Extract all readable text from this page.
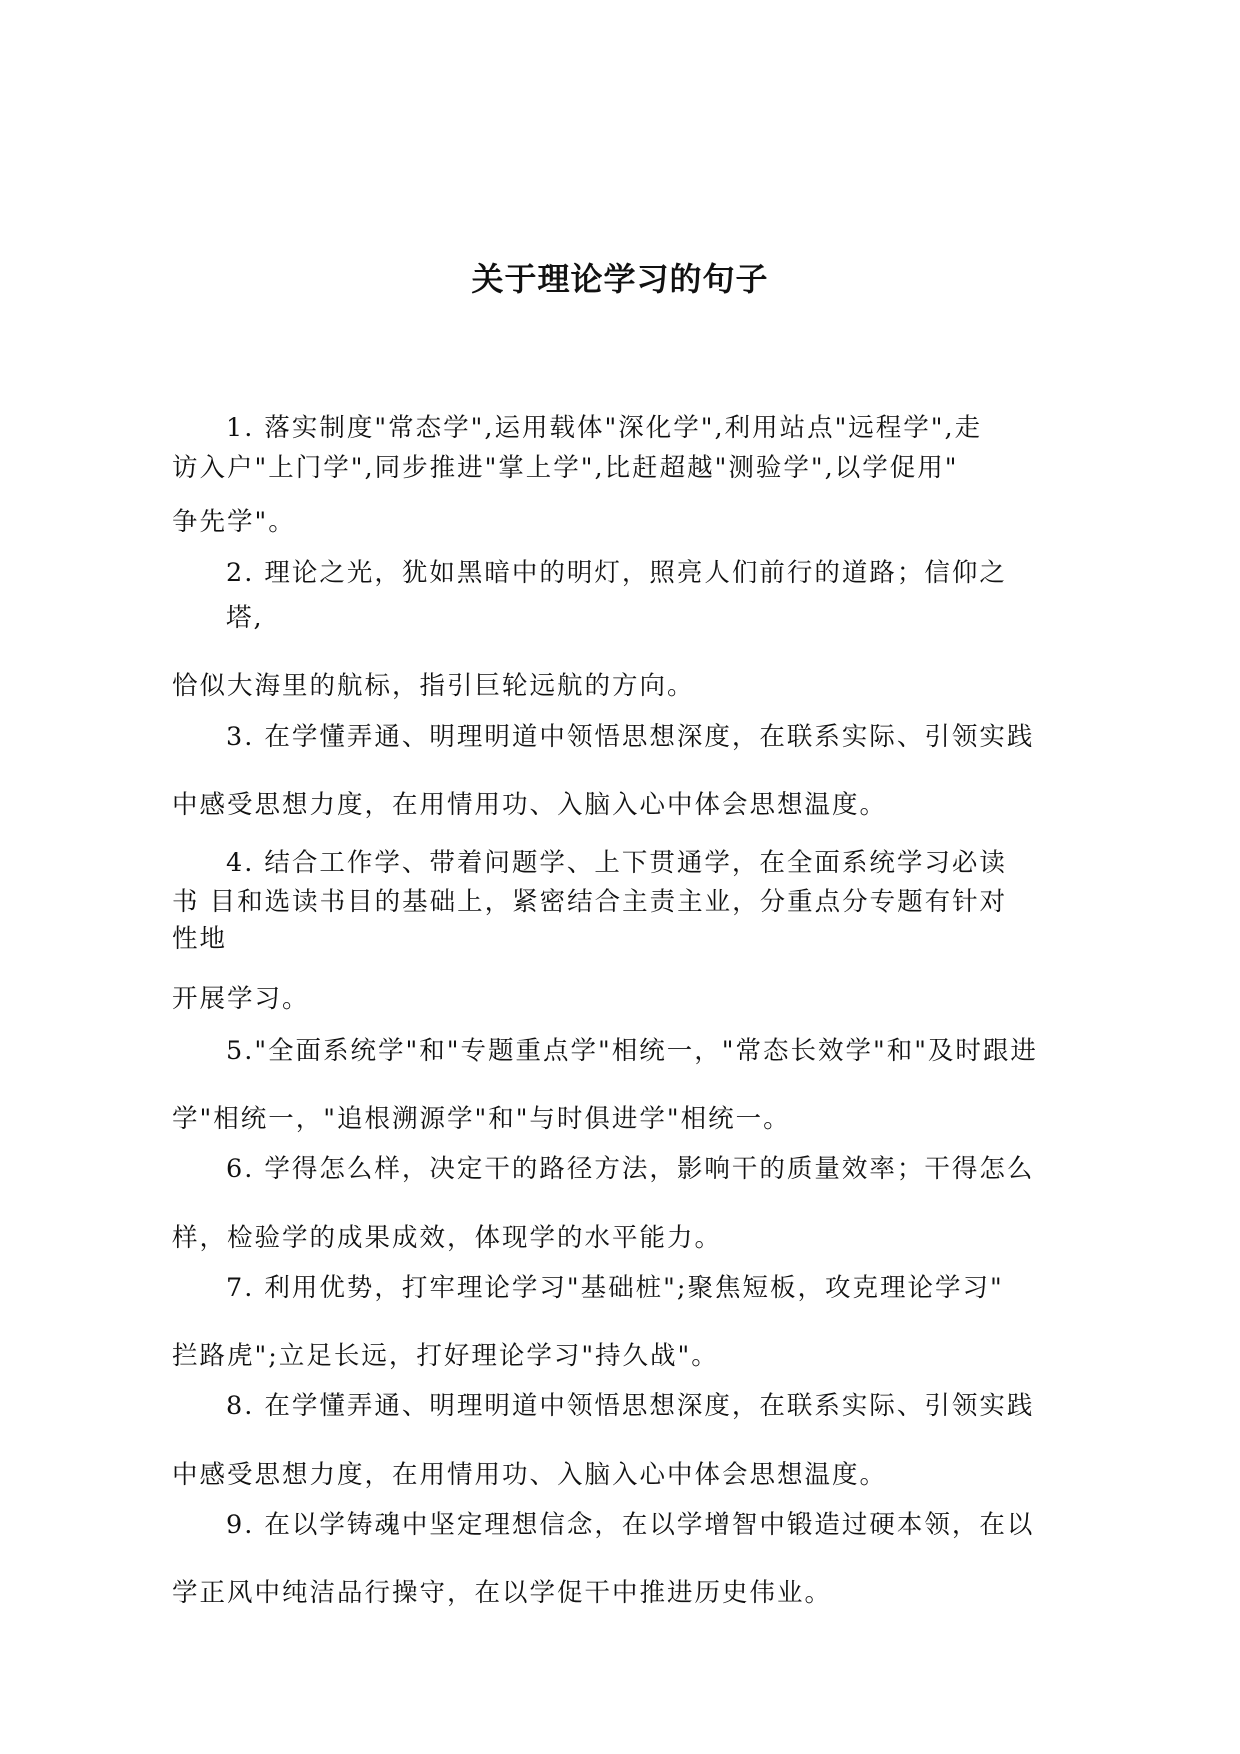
关于理论学习的句子
1. 落实制度"常态学",运用载体"深化学",利用站点"远程学",走
访入户"上门学",同步推进"掌上学",比赶超越"测验学",以学促用"
争先学"。
2. 理论之光，犹如黑暗中的明灯，照亮人们前行的道路；信仰之
塔,
恰似大海里的航标，指引巨轮远航的方向。
3. 在学懂弄通、明理明道中领悟思想深度，在联系实际、引领实践
中感受思想力度，在用情用功、入脑入心中体会思想温度。
4. 结合工作学、带着问题学、上下贯通学，在全面系统学习必读
书 目和选读书目的基础上，紧密结合主责主业，分重点分专题有针对
性地
开展学习。
5."全面系统学"和"专题重点学"相统一，"常态长效学"和"及时跟进
学"相统一，"追根溯源学"和"与时俱进学"相统一。
6. 学得怎么样，决定干的路径方法，影响干的质量效率；干得怎么
样，检验学的成果成效，体现学的水平能力。
7. 利用优势，打牢理论学习"基础桩";聚焦短板，攻克理论学习"
拦路虎";立足长远，打好理论学习"持久战"。
8. 在学懂弄通、明理明道中领悟思想深度，在联系实际、引领实践
中感受思想力度，在用情用功、入脑入心中体会思想温度。
9. 在以学铸魂中坚定理想信念，在以学增智中锻造过硬本领，在以
学正风中纯洁品行操守，在以学促干中推进历史伟业。
